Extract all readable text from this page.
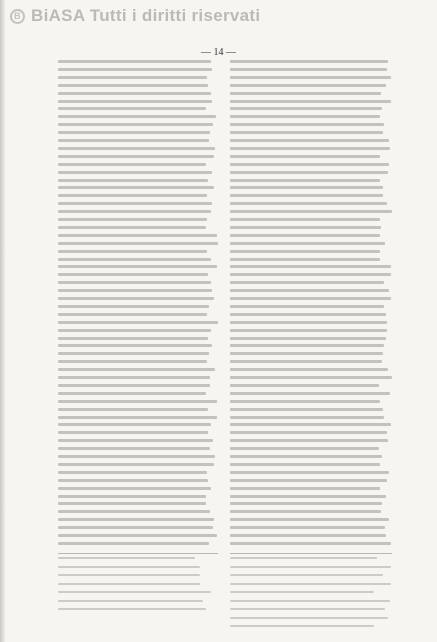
B BiASA Tutti i diritti riservati
— 14 —
